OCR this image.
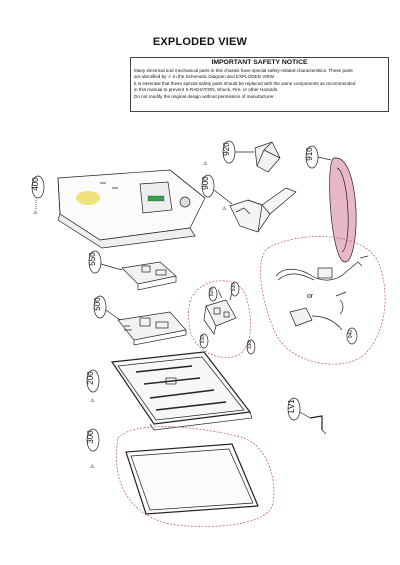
EXPLODED VIEW
IMPORTANT SAFETY NOTICE

Many electrical and mechanical parts in this chassis have special safety-related characteristics. These parts

are identified by ⚠ in the Schematic Diagram and EXPLODED VIEW.

It is essential that these special safety parts should be replaced with the same components as recommended

in this manual to prevent X-RADIATION, Shock, Fire, or other Hazards.

Do not modify the original design without permission of manufacturer.

400
⚠
920
⚠
910
900
⚠
or
940
550
500
820
830
810
330
200
⚠
300
⚠
LV1
